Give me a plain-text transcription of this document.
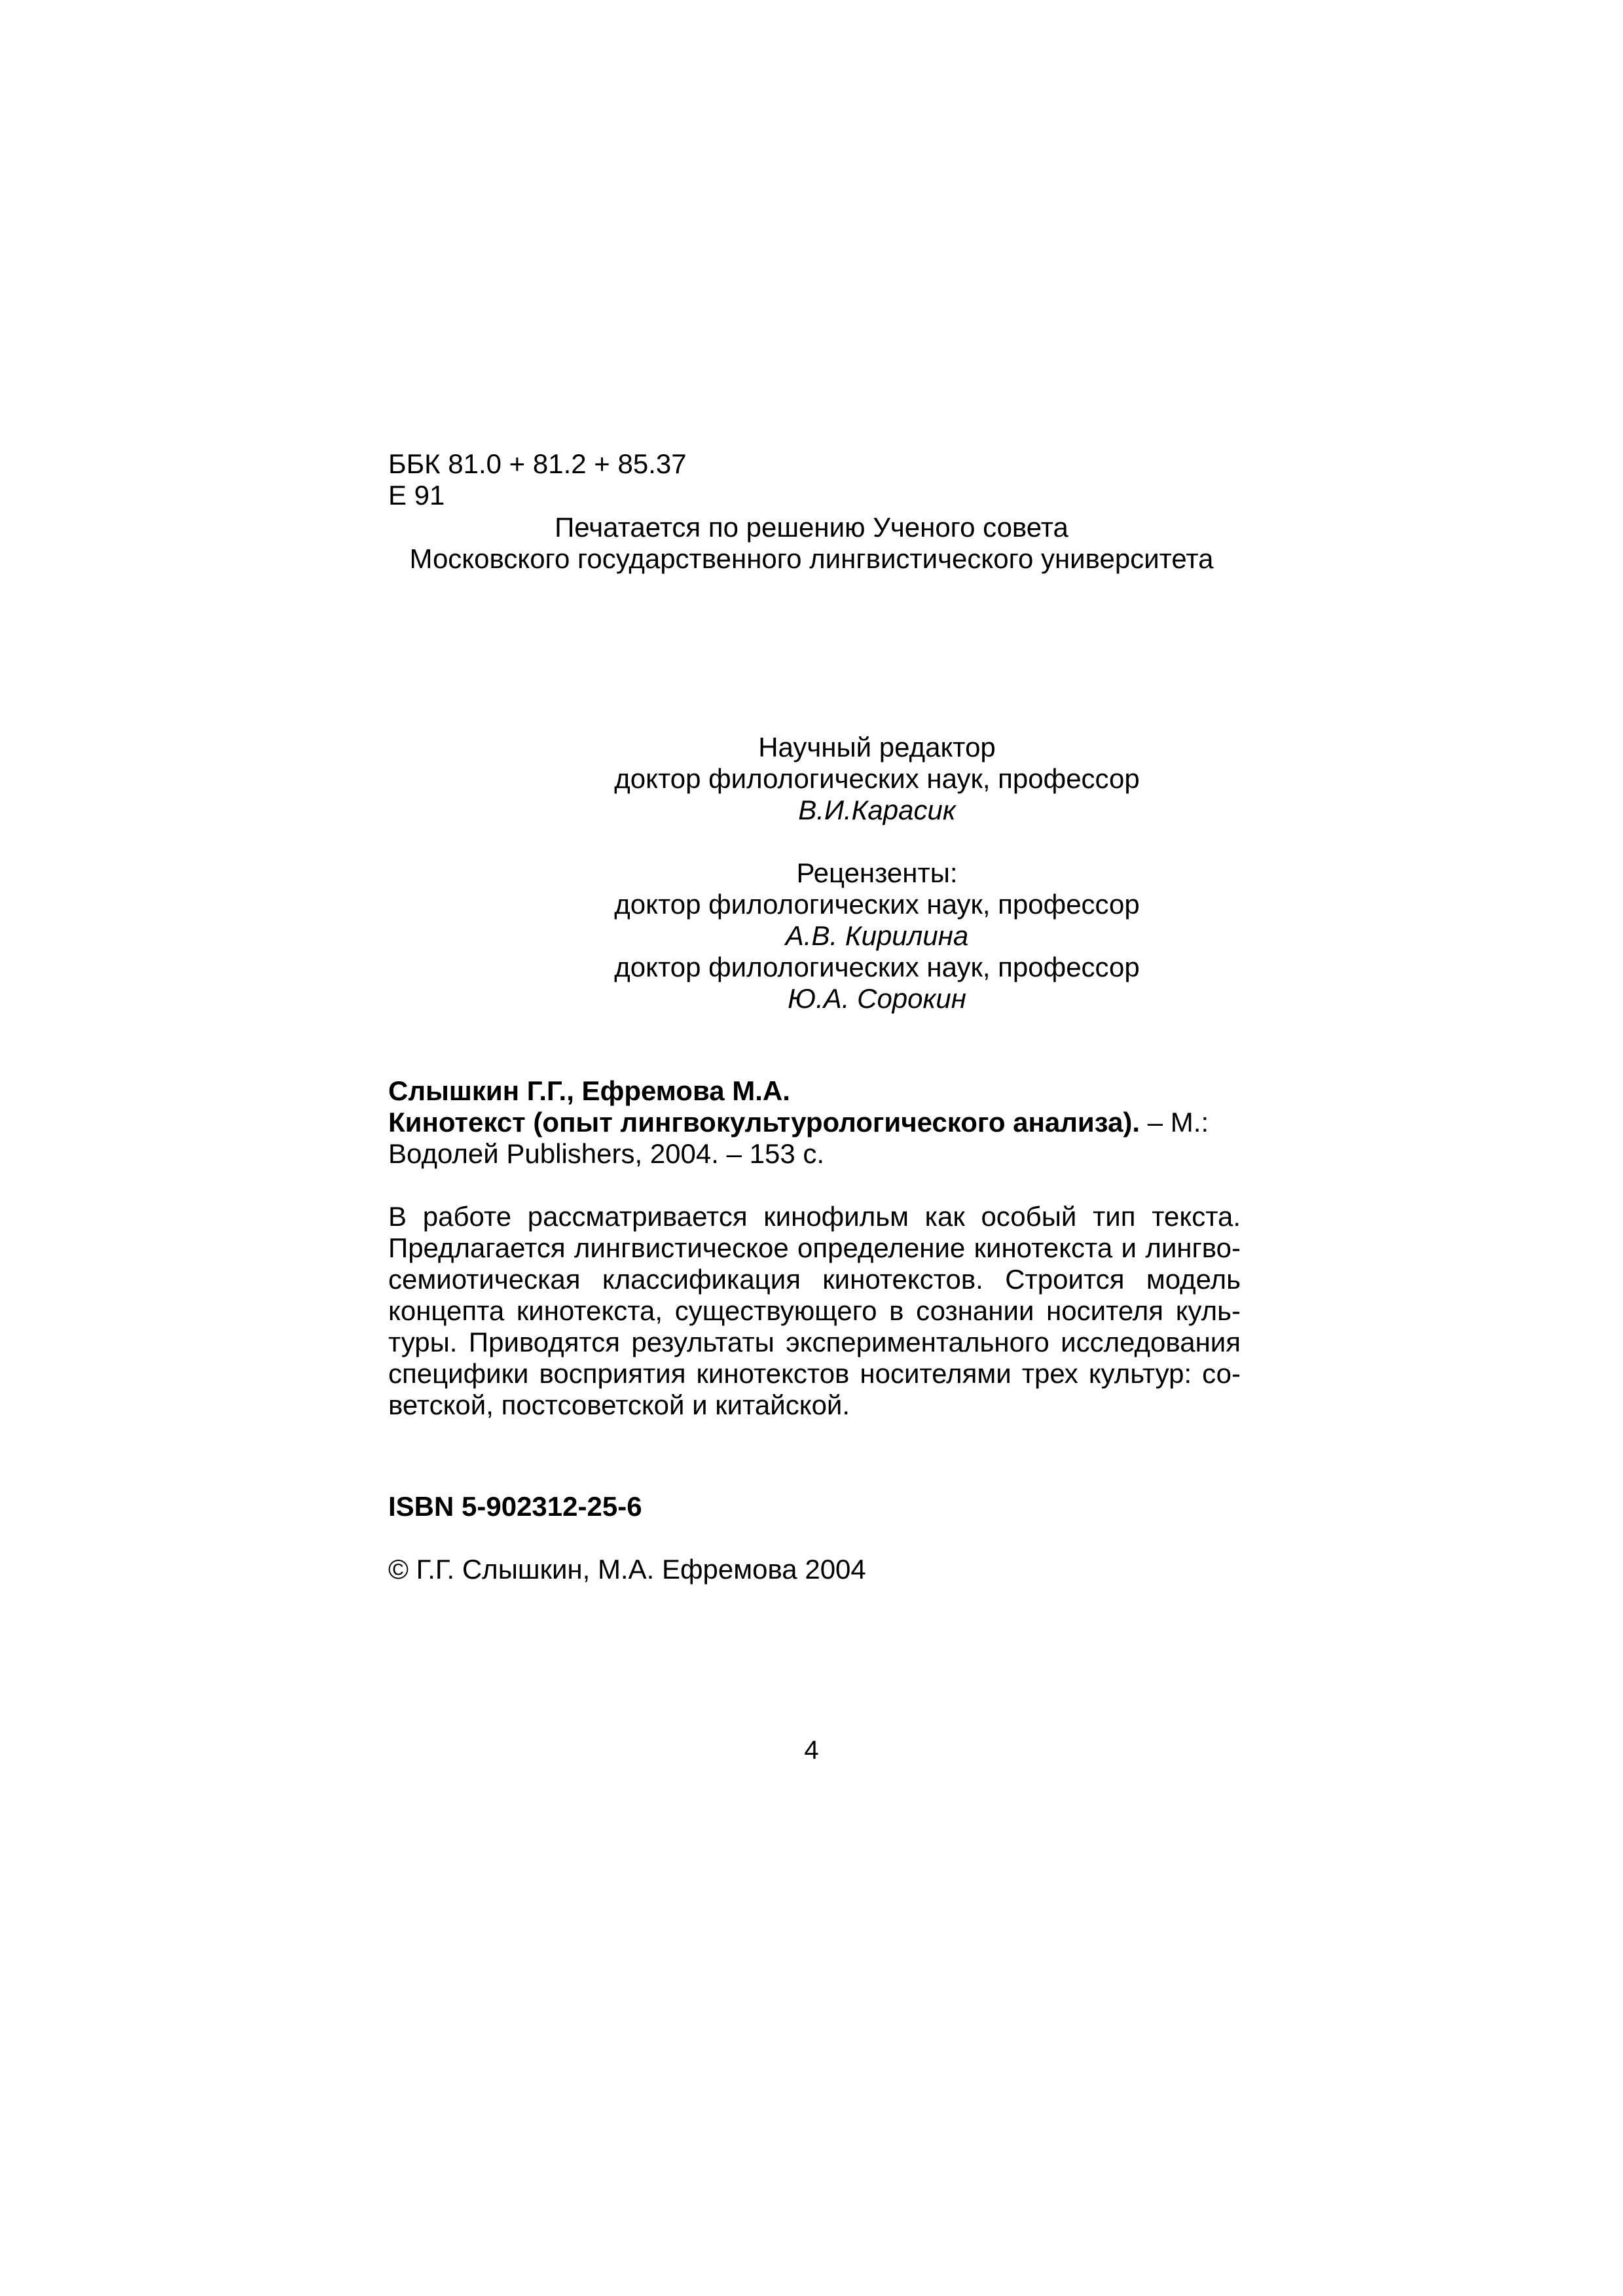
ББК 81.0 + 81.2 + 85.37
Е 91
Печатается по решению Ученого совета
Московского государственного лингвистического университета
Научный редактор
доктор филологических наук, профессор
В.И.Карасик
Рецензенты:
доктор филологических наук, профессор
А.В. Кирилина
доктор филологических наук, профессор
Ю.А. Сорокин
Слышкин Г.Г., Ефремова М.А.
Кинотекст (опыт лингвокультурологического анализа). – М.:
Водолей Publishers, 2004. – 153 с.
В работе рассматривается кинофильм как особый тип текста.
Предлагается лингвистическое определение кинотекста и лингво-
семиотическая классификация кинотекстов. Строится модель
концепта кинотекста, существующего в сознании носителя куль-
туры. Приводятся результаты экспериментального исследования
специфики восприятия кинотекстов носителями трех культур: со-
ветской, постсоветской и китайской.
ISBN 5-902312-25-6
© Г.Г. Слышкин, М.А. Ефремова 2004
4
